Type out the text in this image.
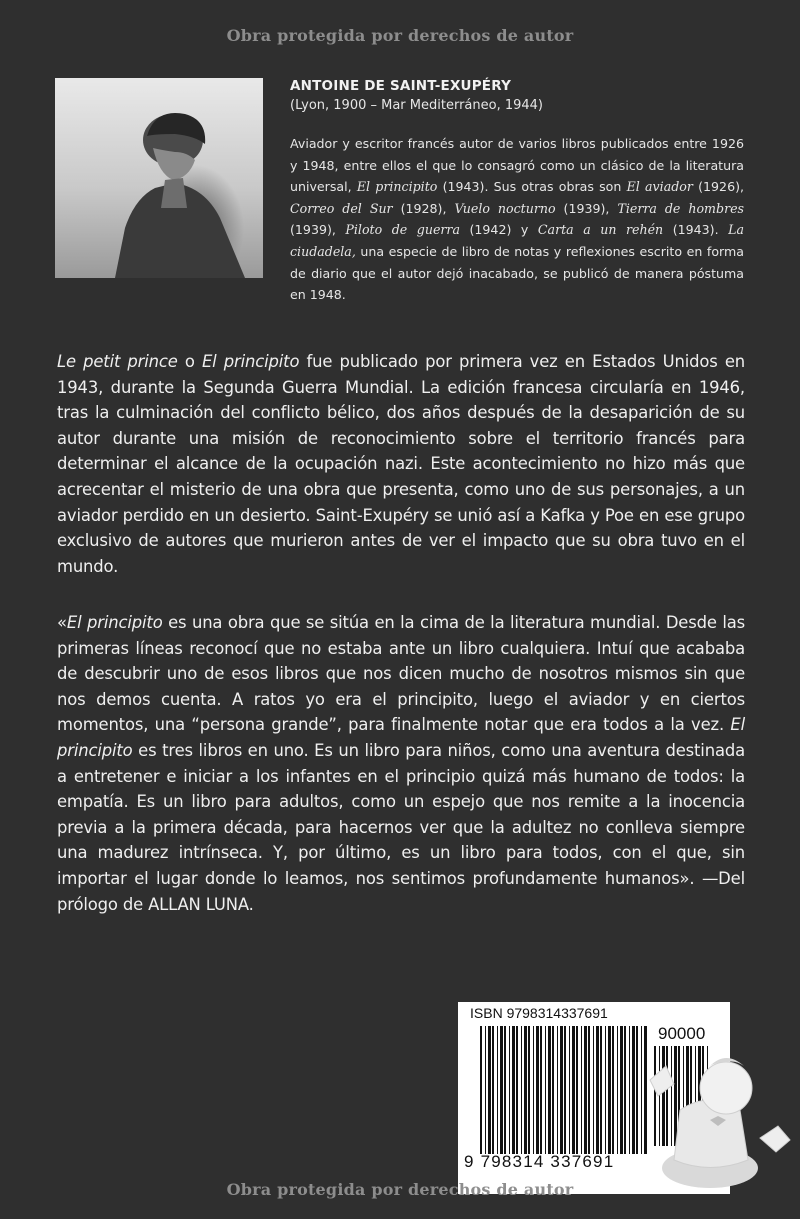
Obra protegida por derechos de autor
ANTOINE DE SAINT-EXUPÉRY
(Lyon, 1900 – Mar Mediterráneo, 1944)
Aviador y escritor francés autor de varios libros publicados entre 1926 y 1948, entre ellos el que lo consagró como un clásico de la literatura universal, El principito (1943). Sus otras obras son El aviador (1926), Correo del Sur (1928), Vuelo nocturno (1939), Tierra de hombres (1939), Piloto de guerra (1942) y Carta a un rehén (1943). La ciudadela, una especie de libro de notas y reflexiones escrito en forma de diario que el autor dejó inacabado, se publicó de manera póstuma en 1948.
Le petit prince o El principito fue publicado por primera vez en Estados Unidos en 1943, durante la Segunda Guerra Mundial. La edición francesa circularía en 1946, tras la culminación del conflicto bélico, dos años después de la desaparición de su autor durante una misión de reconocimiento sobre el territorio francés para determinar el alcance de la ocupación nazi. Este acontecimiento no hizo más que acrecentar el misterio de una obra que presenta, como uno de sus personajes, a un aviador perdido en un desierto. Saint-Exupéry se unió así a Kafka y Poe en ese grupo exclusivo de autores que murieron antes de ver el impacto que su obra tuvo en el mundo.
«El principito es una obra que se sitúa en la cima de la literatura mundial. Desde las primeras líneas reconocí que no estaba ante un libro cualquiera. Intuí que acababa de descubrir uno de esos libros que nos dicen mucho de nosotros mismos sin que nos demos cuenta. A ratos yo era el principito, luego el aviador y en ciertos momentos, una “persona grande”, para finalmente notar que era todos a la vez. El principito es tres libros en uno. Es un libro para niños, como una aventura destinada a entretener e iniciar a los infantes en el principio quizá más humano de todos: la empatía. Es un libro para adultos, como un espejo que nos remite a la inocencia previa a la primera década, para hacernos ver que la adultez no conlleva siempre una madurez intrínseca. Y, por último, es un libro para todos, con el que, sin importar el lugar donde lo leamos, nos sentimos profundamente humanos». —Del prólogo de ALLAN LUNA.
ISBN 9798314337691
90000
9 798314 337691
Obra protegida por derechos de autor
